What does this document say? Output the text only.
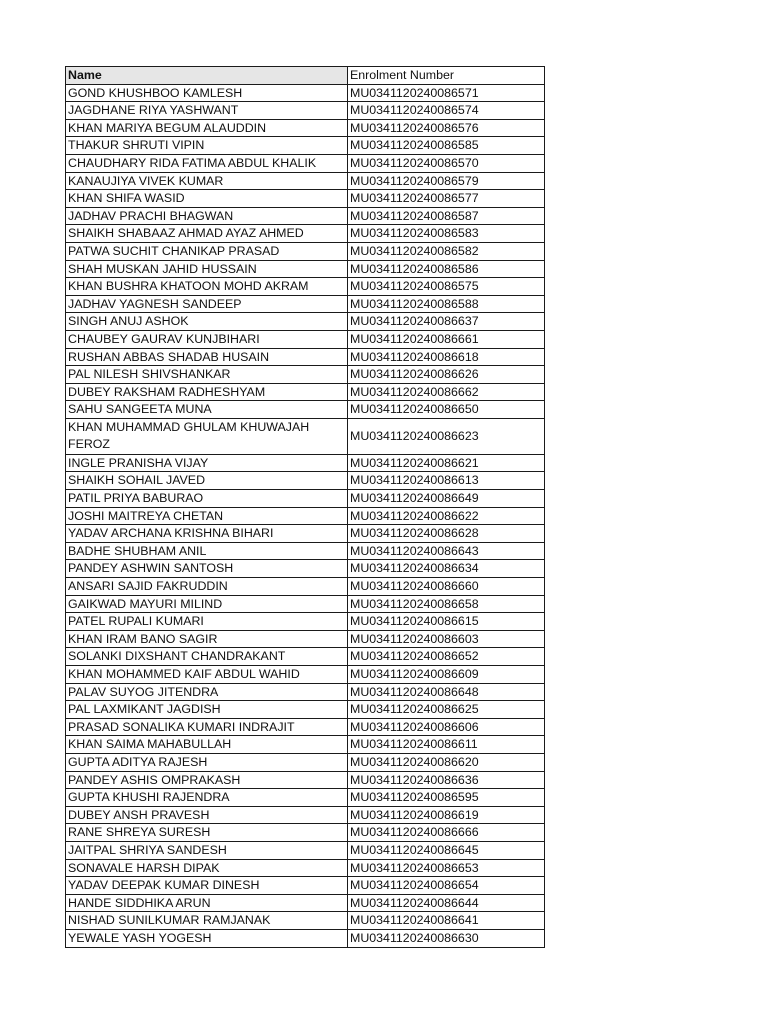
Name	Enrolment Number
GOND KHUSHBOO KAMLESH	MU0341120240086571
JAGDHANE RIYA YASHWANT	MU0341120240086574
KHAN MARIYA BEGUM ALAUDDIN	MU0341120240086576
THAKUR SHRUTI VIPIN	MU0341120240086585
CHAUDHARY RIDA FATIMA ABDUL KHALIK	MU0341120240086570
KANAUJIYA VIVEK KUMAR	MU0341120240086579
KHAN SHIFA WASID	MU0341120240086577
JADHAV PRACHI BHAGWAN	MU0341120240086587
SHAIKH SHABAAZ AHMAD AYAZ AHMED	MU0341120240086583
PATWA SUCHIT CHANIKAP PRASAD	MU0341120240086582
SHAH MUSKAN JAHID HUSSAIN	MU0341120240086586
KHAN BUSHRA KHATOON MOHD AKRAM	MU0341120240086575
JADHAV YAGNESH SANDEEP	MU0341120240086588
SINGH ANUJ ASHOK	MU0341120240086637
CHAUBEY GAURAV KUNJBIHARI	MU0341120240086661
RUSHAN ABBAS SHADAB HUSAIN	MU0341120240086618
PAL NILESH SHIVSHANKAR	MU0341120240086626
DUBEY RAKSHAM RADHESHYAM	MU0341120240086662
SAHU SANGEETA MUNA	MU0341120240086650
KHAN MUHAMMAD GHULAM KHUWAJAH FEROZ	MU0341120240086623
INGLE PRANISHA VIJAY	MU0341120240086621
SHAIKH SOHAIL JAVED	MU0341120240086613
PATIL PRIYA BABURAO	MU0341120240086649
JOSHI MAITREYA CHETAN	MU0341120240086622
YADAV ARCHANA KRISHNA BIHARI	MU0341120240086628
BADHE SHUBHAM ANIL	MU0341120240086643
PANDEY ASHWIN SANTOSH	MU0341120240086634
ANSARI SAJID FAKRUDDIN	MU0341120240086660
GAIKWAD MAYURI MILIND	MU0341120240086658
PATEL RUPALI KUMARI	MU0341120240086615
KHAN IRAM BANO SAGIR	MU0341120240086603
SOLANKI DIXSHANT CHANDRAKANT	MU0341120240086652
KHAN MOHAMMED KAIF ABDUL WAHID	MU0341120240086609
PALAV SUYOG JITENDRA	MU0341120240086648
PAL LAXMIKANT JAGDISH	MU0341120240086625
PRASAD SONALIKA KUMARI INDRAJIT	MU0341120240086606
KHAN SAIMA MAHABULLAH	MU0341120240086611
GUPTA ADITYA RAJESH	MU0341120240086620
PANDEY ASHIS OMPRAKASH	MU0341120240086636
GUPTA KHUSHI RAJENDRA	MU0341120240086595
DUBEY ANSH PRAVESH	MU0341120240086619
RANE SHREYA SURESH	MU0341120240086666
JAITPAL SHRIYA SANDESH	MU0341120240086645
SONAVALE HARSH DIPAK	MU0341120240086653
YADAV DEEPAK KUMAR DINESH	MU0341120240086654
HANDE SIDDHIKA ARUN	MU0341120240086644
NISHAD SUNILKUMAR RAMJANAK	MU0341120240086641
YEWALE YASH YOGESH	MU0341120240086630
